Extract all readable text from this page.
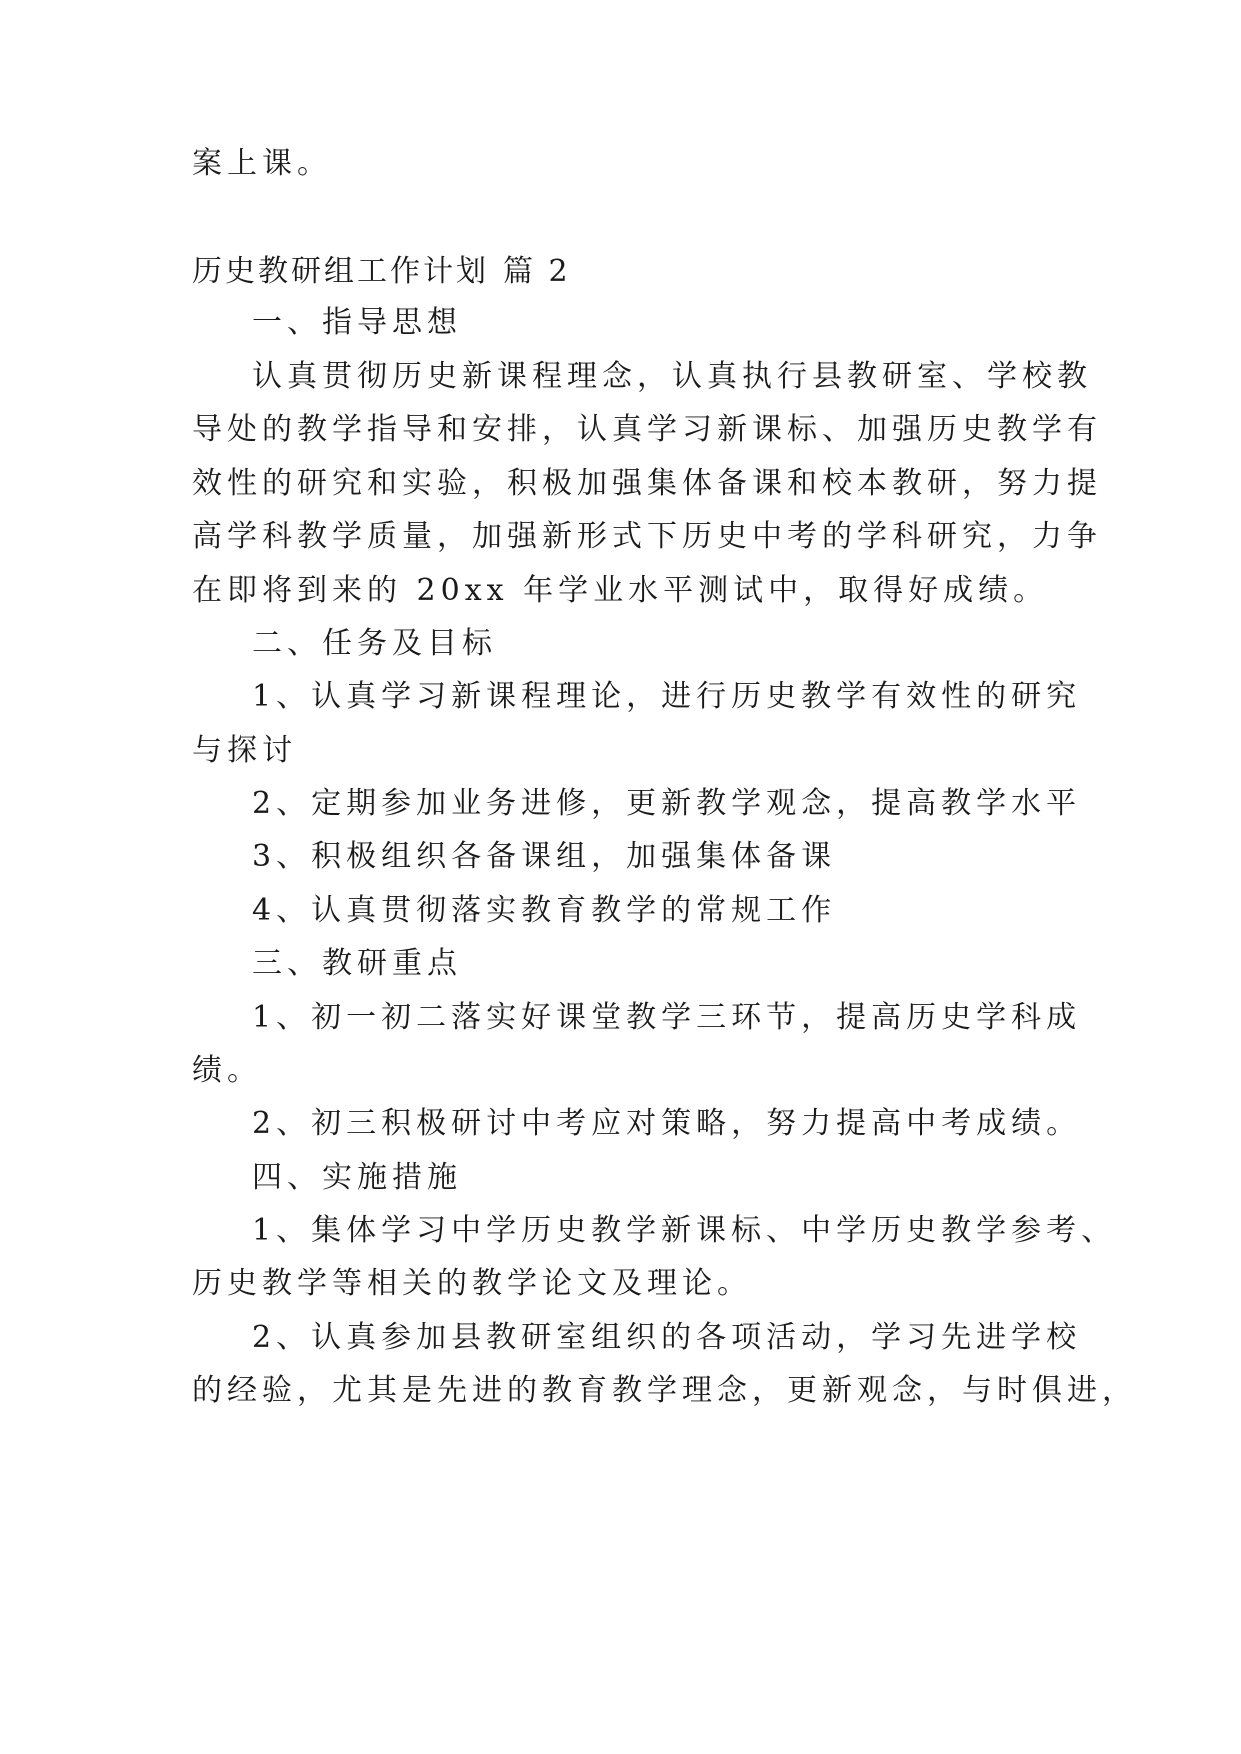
案上课。
历史教研组工作计划 篇 2
一、指导思想
认真贯彻历史新课程理念，认真执行县教研室、学校教
导处的教学指导和安排，认真学习新课标、加强历史教学有
效性的研究和实验，积极加强集体备课和校本教研，努力提
高学科教学质量，加强新形式下历史中考的学科研究，力争
在即将到来的 20xx 年学业水平测试中，取得好成绩。
二、任务及目标
1、认真学习新课程理论，进行历史教学有效性的研究
与探讨
2、定期参加业务进修，更新教学观念，提高教学水平
3、积极组织各备课组，加强集体备课
4、认真贯彻落实教育教学的常规工作
三、教研重点
1、初一初二落实好课堂教学三环节，提高历史学科成
绩。
2、初三积极研讨中考应对策略，努力提高中考成绩。
四、实施措施
1、集体学习中学历史教学新课标、中学历史教学参考、
历史教学等相关的教学论文及理论。
2、认真参加县教研室组织的各项活动，学习先进学校
的经验，尤其是先进的教育教学理念，更新观念，与时俱进，
